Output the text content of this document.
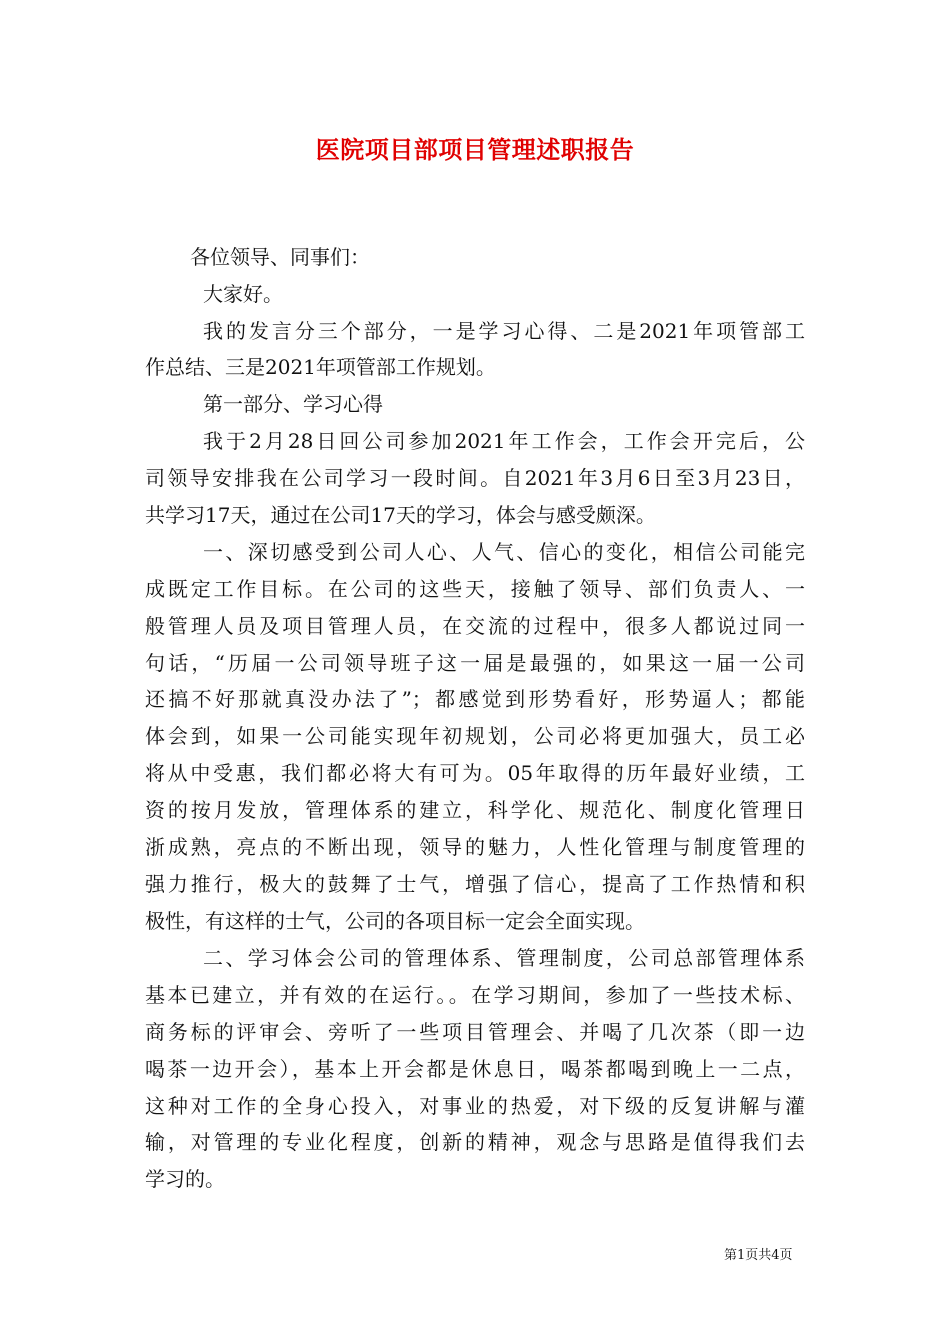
医院项目部项目管理述职报告
各位领导、同事们：
大家好。
我的发言分三个部分，一是学习心得、二是2021年项管部工
作总结、三是2021年项管部工作规划。
第一部分、学习心得
我于2月28日回公司参加2021年工作会，工作会开完后，公
司领导安排我在公司学习一段时间。自2021年3月6日至3月23日，
共学习17天，通过在公司17天的学习，体会与感受颇深。
一、深切感受到公司人心、人气、信心的变化，相信公司能完
成既定工作目标。在公司的这些天，接触了领导、部们负责人、一
般管理人员及项目管理人员，在交流的过程中，很多人都说过同一
句话，“历届一公司领导班子这一届是最强的，如果这一届一公司
还搞不好那就真没办法了”；都感觉到形势看好，形势逼人；都能
体会到，如果一公司能实现年初规划，公司必将更加强大，员工必
将从中受惠，我们都必将大有可为。05年取得的历年最好业绩，工
资的按月发放，管理体系的建立，科学化、规范化、制度化管理日
浙成熟，亮点的不断出现，领导的魅力，人性化管理与制度管理的
强力推行，极大的鼓舞了士气，增强了信心，提高了工作热情和积
极性，有这样的士气，公司的各项目标一定会全面实现。
二、学习体会公司的管理体系、管理制度，公司总部管理体系
基本已建立，并有效的在运行。。在学习期间，参加了一些技术标、
商务标的评审会、旁听了一些项目管理会、并喝了几次茶（即一边
喝茶一边开会），基本上开会都是休息日，喝茶都喝到晚上一二点，
这种对工作的全身心投入，对事业的热爱，对下级的反复讲解与灌
输，对管理的专业化程度，创新的精神，观念与思路是值得我们去
学习的。
第1页共4页
